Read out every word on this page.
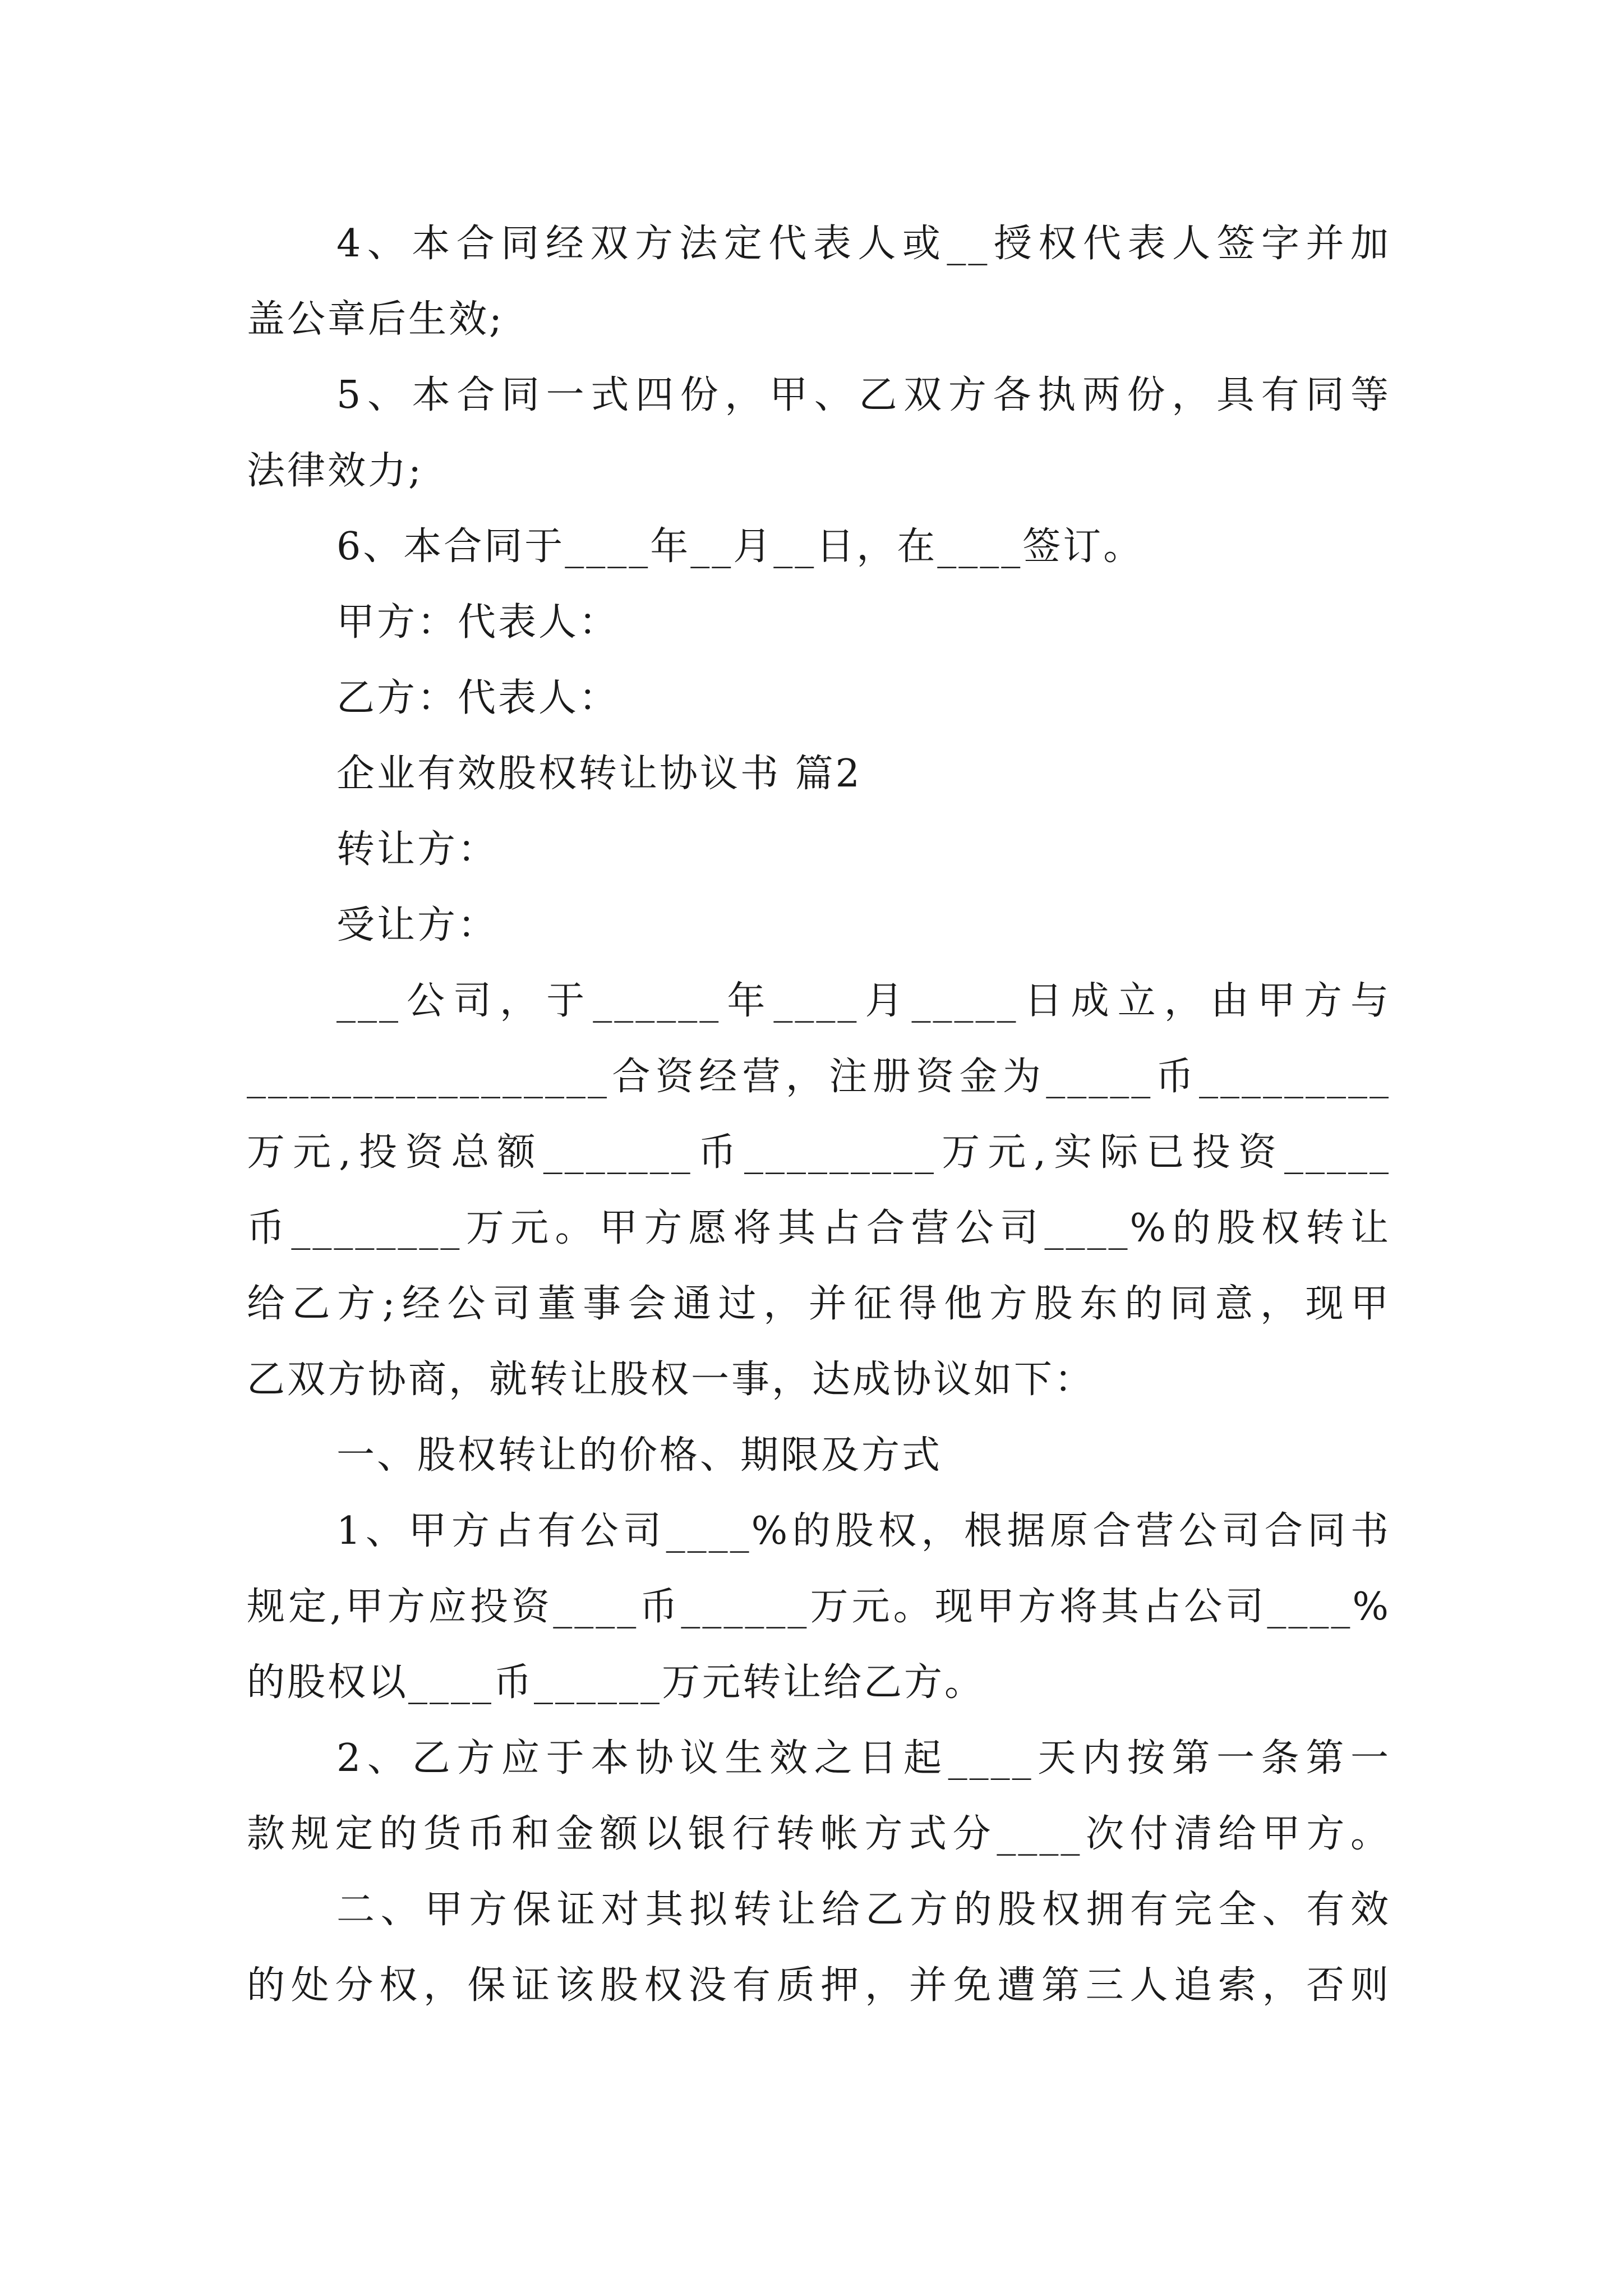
4、本合同经双方法定代表人或__授权代表人签字并加
盖公章后生效;
5、本合同一式四份，甲、乙双方各执两份，具有同等
法律效力;
6、本合同于____年__月__日，在____签订。
甲方：代表人：
乙方：代表人：
企业有效股权转让协议书 篇2
转让方：
受让方：
___公司，于______年____月_____日成立，由甲方与
_________________合资经营，注册资金为_____币_________
万元,投资总额_______币_________万元,实际已投资_____
币________万元。甲方愿将其占合营公司____%的股权转让
给乙方;经公司董事会通过，并征得他方股东的同意，现甲
乙双方协商，就转让股权一事，达成协议如下：
一、股权转让的价格、期限及方式
1、甲方占有公司____%的股权，根据原合营公司合同书
规定,甲方应投资____币______万元。现甲方将其占公司____%
的股权以____币______万元转让给乙方。
2、乙方应于本协议生效之日起____天内按第一条第一
款规定的货币和金额以银行转帐方式分____次付清给甲方。
二、甲方保证对其拟转让给乙方的股权拥有完全、有效
的处分权，保证该股权没有质押，并免遭第三人追索，否则
